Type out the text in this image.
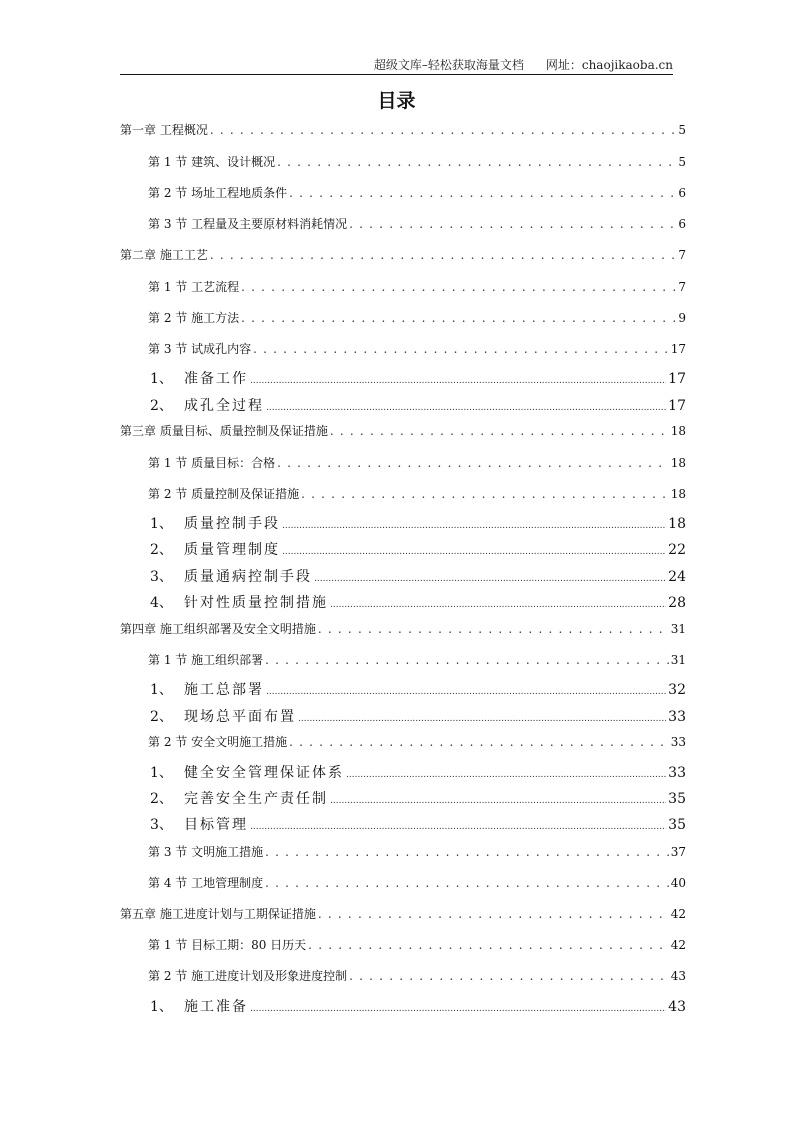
超级文库–轻松获取海量文档 网址：chaojikaoba.cn
目录
第一章 工程概况 . . .	5
第 1 节 建筑、设计概况 . . .	5
第 2 节 场址工程地质条件 . . .	6
第 3 节 工程量及主要原材料消耗情况 . . .	6
第二章 施工工艺 . . .	7
第 1 节 工艺流程 . . .	7
第 2 节 施工方法 . . .	9
第 3 节 试成孔内容 . . .	17
1、 准备工作 .....	17
2、 成孔全过程 .....	17
第三章 质量目标、质量控制及保证措施 . . .	18
第 1 节 质量目标：合格 . . .	18
第 2 节 质量控制及保证措施 . . .	18
1、 质量控制手段 .....	18
2、 质量管理制度 .....	22
3、 质量通病控制手段 .....	24
4、 针对性质量控制措施 .....	28
第四章 施工组织部署及安全文明措施 . . .	31
第 1 节 施工组织部署 . . .	31
1、 施工总部署 .....	32
2、 现场总平面布置 .....	33
第 2 节 安全文明施工措施 . . .	33
1、 健全安全管理保证体系 .....	33
2、 完善安全生产责任制 .....	35
3、 目标管理 .....	35
第 3 节 文明施工措施 . . .	37
第 4 节 工地管理制度 . . .	40
第五章 施工进度计划与工期保证措施 . . .	42
第 1 节 目标工期：80 日历天 . . .	42
第 2 节 施工进度计划及形象进度控制 . . .	43
1、 施工准备 .....	43
